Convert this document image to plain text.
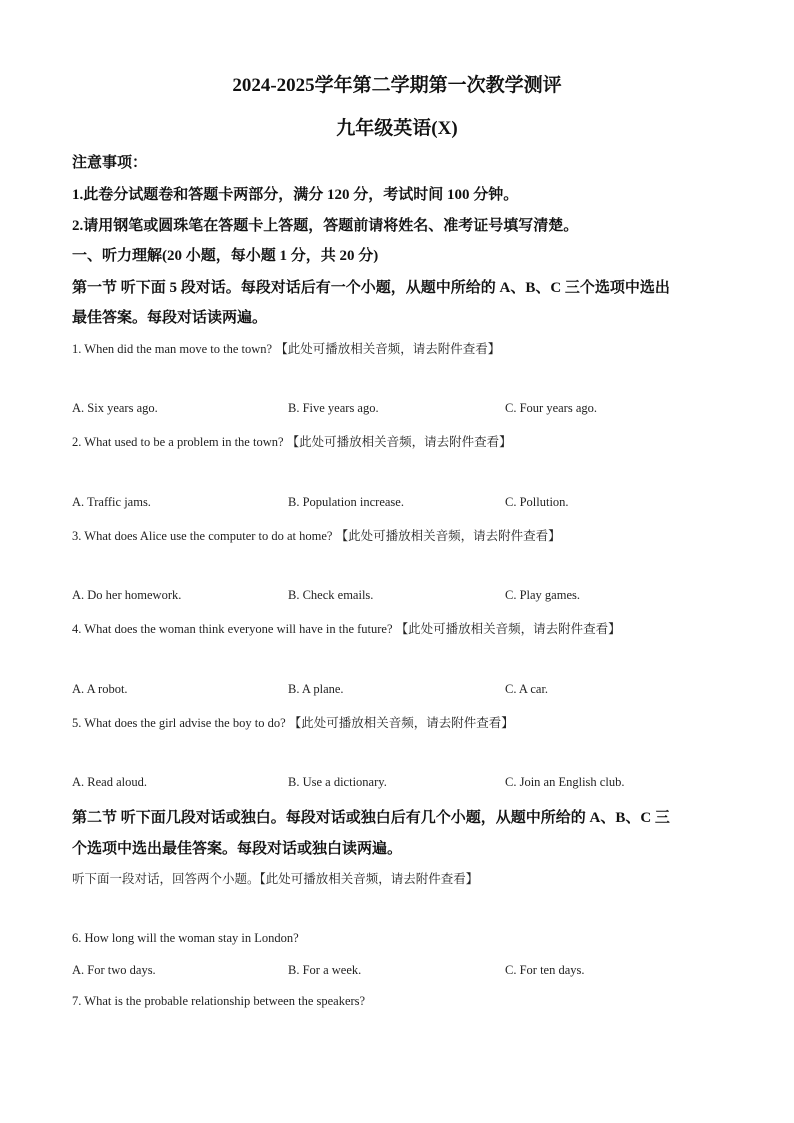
2024-2025学年第二学期第一次教学测评
九年级英语(X)
注意事项：
1.此卷分试题卷和答题卡两部分，满分 120 分，考试时间 100 分钟。
2.请用钢笔或圆珠笔在答题卡上答题，答题前请将姓名、准考证号填写清楚。
一、听力理解(20 小题，每小题 1 分，共 20 分)
第一节 听下面 5 段对话。每段对话后有一个小题，从题中所给的 A、B、C 三个选项中选出
最佳答案。每段对话读两遍。
1. When did the man move to the town? 【此处可播放相关音频，请去附件查看】
A. Six years ago.	B. Five years ago.	C. Four years ago.
2. What used to be a problem in the town? 【此处可播放相关音频，请去附件查看】
A. Traffic jams.	B. Population increase.	C. Pollution.
3. What does Alice use the computer to do at home? 【此处可播放相关音频，请去附件查看】
A. Do her homework.	B. Check emails.	C. Play games.
4. What does the woman think everyone will have in the future? 【此处可播放相关音频，请去附件查看】
A. A robot.	B. A plane.	C. A car.
5. What does the girl advise the boy to do? 【此处可播放相关音频，请去附件查看】
A. Read aloud.	B. Use a dictionary.	C. Join an English club.
第二节 听下面几段对话或独白。每段对话或独白后有几个小题，从题中所给的 A、B、C 三
个选项中选出最佳答案。每段对话或独白读两遍。
听下面一段对话，回答两个小题。【此处可播放相关音频，请去附件查看】
6. How long will the woman stay in London?
A. For two days.	B. For a week.	C. For ten days.
7. What is the probable relationship between the speakers?
